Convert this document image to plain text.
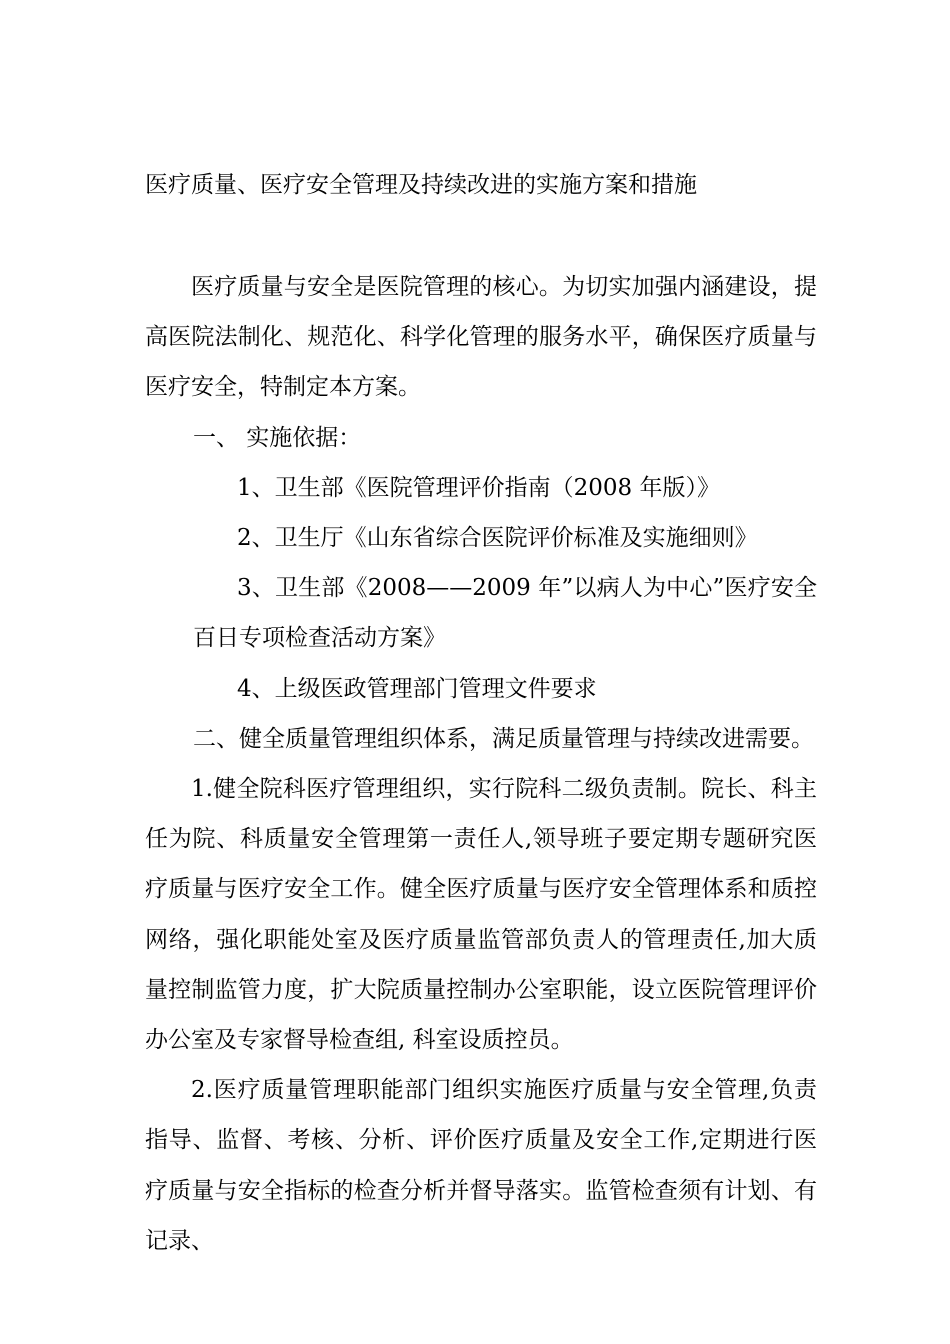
医疗质量、医疗安全管理及持续改进的实施方案和措施

医疗质量与安全是医院管理的核心。为切实加强内涵建设，提高医院法制化、规范化、科学化管理的服务水平，确保医疗质量与医疗安全，特制定本方案。

一、 实施依据：

1、卫生部《医院管理评价指南（2008 年版）》

2、卫生厅《山东省综合医院评价标准及实施细则》

3、卫生部《2008——2009 年”以病人为中心”医疗安全百日专项检查活动方案》

4、上级医政管理部门管理文件要求

二、健全质量管理组织体系，满足质量管理与持续改进需要。

1.健全院科医疗管理组织，实行院科二级负责制。院长、科主任为院、科质量安全管理第一责任人,领导班子要定期专题研究医疗质量与医疗安全工作。健全医疗质量与医疗安全管理体系和质控网络，强化职能处室及医疗质量监管部负责人的管理责任,加大质量控制监管力度，扩大院质量控制办公室职能，设立医院管理评价办公室及专家督导检查组, 科室设质控员。

2.医疗质量管理职能部门组织实施医疗质量与安全管理,负责指导、监督、考核、分析、评价医疗质量及安全工作,定期进行医疗质量与安全指标的检查分析并督导落实。监管检查须有计划、有记录、
